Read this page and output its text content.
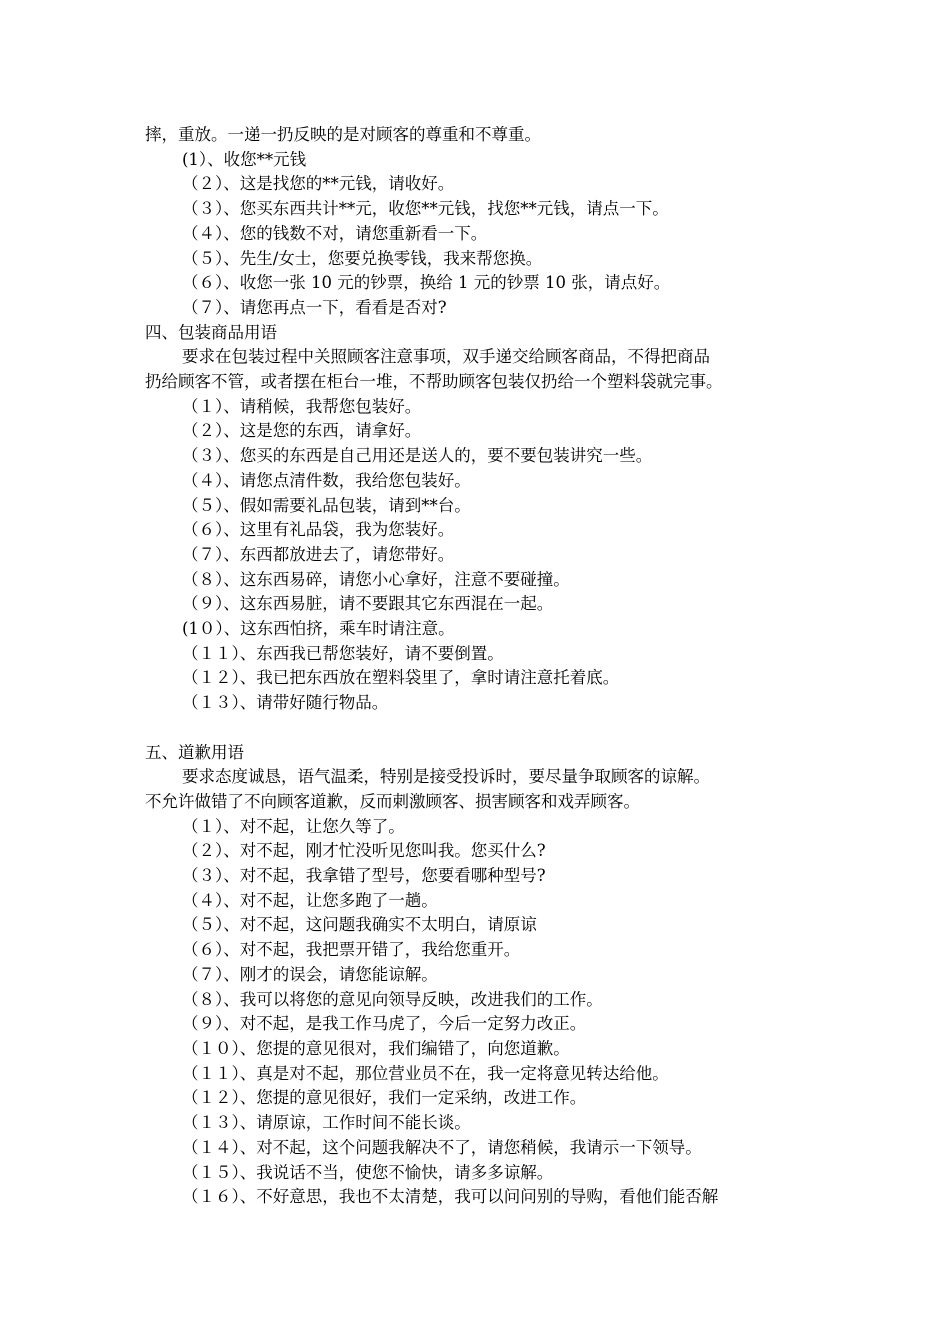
摔，重放。一递一扔反映的是对顾客的尊重和不尊重。
(1）、收您**元钱
（２）、这是找您的**元钱，请收好。
（３）、您买东西共计**元，收您**元钱，找您**元钱，请点一下。
（４）、您的钱数不对，请您重新看一下。
（５）、先生/女士，您要兑换零钱，我来帮您换。
（６）、收您一张 10 元的钞票，换给 1 元的钞票 10 张，请点好。
（７）、请您再点一下，看看是否对?
四、包装商品用语
要求在包装过程中关照顾客注意事项，双手递交给顾客商品，不得把商品
扔给顾客不管，或者摆在柜台一堆，不帮助顾客包装仅扔给一个塑料袋就完事。
（１）、请稍候，我帮您包装好。
（２）、这是您的东西，请拿好。
（３）、您买的东西是自己用还是送人的，要不要包装讲究一些。
（４）、请您点清件数，我给您包装好。
（５）、假如需要礼品包装，请到**台。
（６）、这里有礼品袋，我为您装好。
（７）、东西都放进去了，请您带好。
（８）、这东西易碎，请您小心拿好，注意不要碰撞。
（９）、这东西易脏，请不要跟其它东西混在一起。
(1０）、这东西怕挤，乘车时请注意。
（１１）、东西我已帮您装好，请不要倒置。
（１２）、我已把东西放在塑料袋里了，拿时请注意托着底。
（１３）、请带好随行物品。
五、道歉用语
要求态度诚恳，语气温柔，特别是接受投诉时，要尽量争取顾客的谅解。
不允许做错了不向顾客道歉，反而刺激顾客、损害顾客和戏弄顾客。
（１）、对不起，让您久等了。
（２）、对不起，刚才忙没听见您叫我。您买什么?
（３）、对不起，我拿错了型号，您要看哪种型号?
（４）、对不起，让您多跑了一趟。
（５）、对不起，这问题我确实不太明白，请原谅
（６）、对不起，我把票开错了，我给您重开。
（７）、刚才的误会，请您能谅解。
（８）、我可以将您的意见向领导反映，改进我们的工作。
（９）、对不起，是我工作马虎了，今后一定努力改正。
（１０）、您提的意见很对，我们编错了，向您道歉。
（１１）、真是对不起，那位营业员不在，我一定将意见转达给他。
（１２）、您提的意见很好，我们一定采纳，改进工作。
（１３）、请原谅，工作时间不能长谈。
（１４）、对不起，这个问题我解决不了，请您稍候，我请示一下领导。
（１５）、我说话不当，使您不愉快，请多多谅解。
（１６）、不好意思，我也不太清楚，我可以问问别的导购，看他们能否解
